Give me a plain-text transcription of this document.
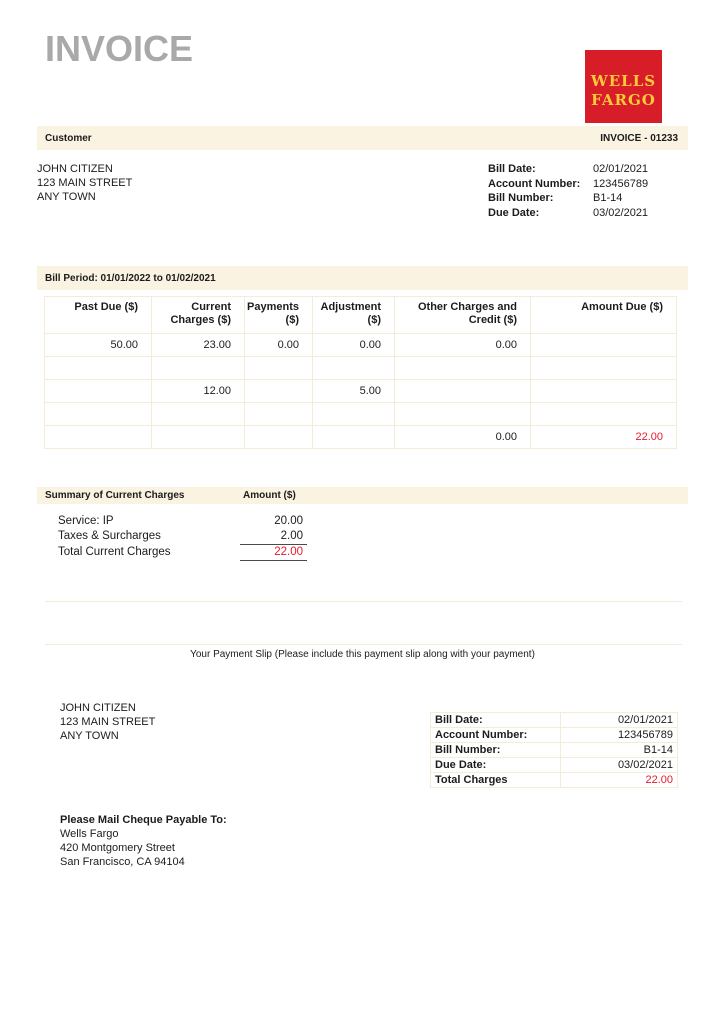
INVOICE
WELLS
FARGO
Customer	INVOICE - 01233
JOHN CITIZEN
123 MAIN STREET
ANY TOWN
Bill Date:	02/01/2021
Account Number:	123456789
Bill Number:	B1-14
Due Date:	03/02/2021
Bill Period: 01/01/2022 to 01/02/2021
Past Due ($)	Current Charges ($)	Payments ($)	Adjustment ($)	Other Charges and Credit ($)	Amount Due ($)
50.00	23.00	0.00	0.00	0.00	

	12.00		5.00		

				0.00	22.00
Summary of Current Charges	Amount ($)
Service: IP	20.00
Taxes & Surcharges	2.00
Total Current Charges	22.00
Your Payment Slip (Please include this payment slip along with your payment)
JOHN CITIZEN
123 MAIN STREET
ANY TOWN
Bill Date:	02/01/2021
Account Number:	123456789
Bill Number:	B1-14
Due Date:	03/02/2021
Total Charges	22.00
Please Mail Cheque Payable To:
Wells Fargo
420 Montgomery Street
San Francisco, CA 94104
